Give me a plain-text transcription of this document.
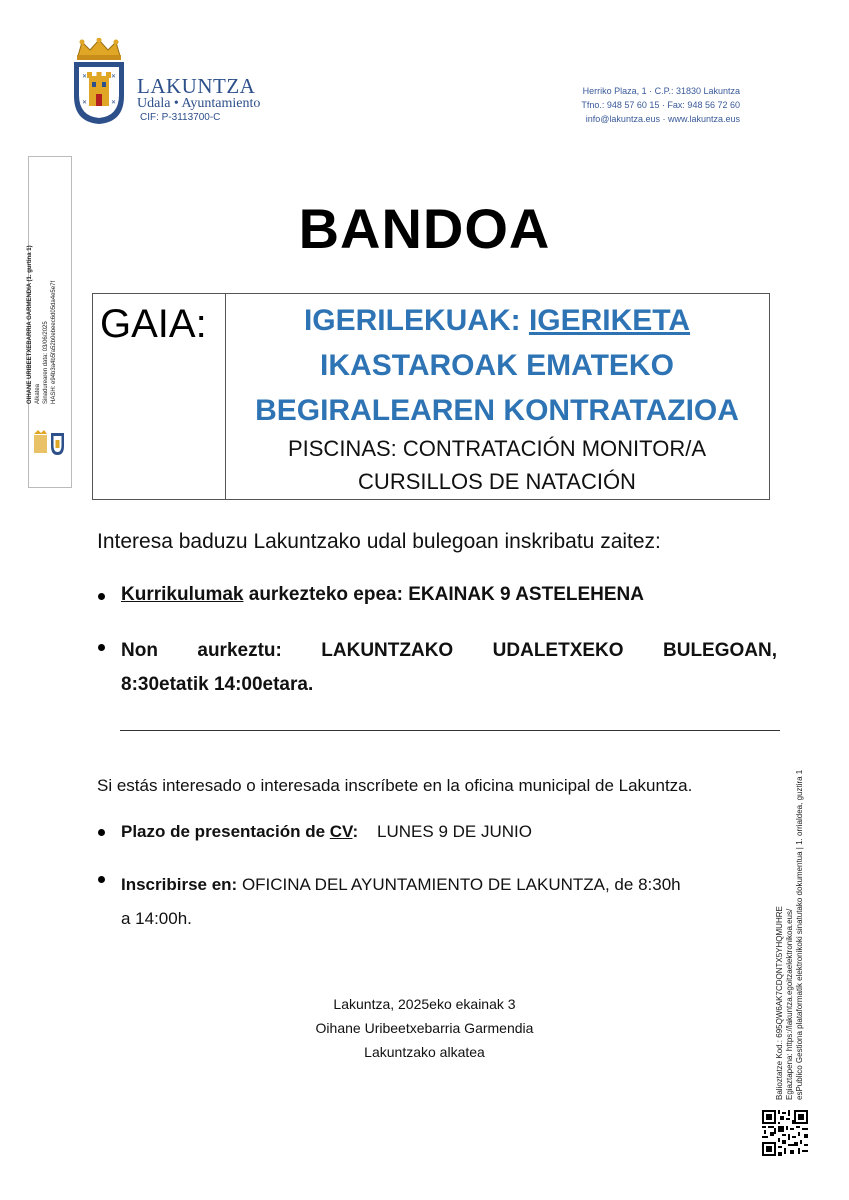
✕	✕
✕	✕
LAKUNTZA
Udala • Ayuntamiento
CIF: P-3113700-C
Herriko Plaza, 1 · C.P.: 31830 Lakuntza
Tfno.: 948 57 60 15 · Fax: 948 56 72 60
info@lakuntza.eus · www.lakuntza.eus
OIHANE URIBEETXEBARRIA GARMENDIA (1. gurtina 1) Alkatea Sinadurearen data: 03/06/2025 HASH: e94b3a4b5fa52b0ebeec6d05da4e5e7f
BANDOA
GAIA:	IGERILEKUAK: IGERIKETA
IKASTAROAK EMATEKO
BEGIRALEAREN KONTRATAZIOA
PISCINAS: CONTRATACIÓN MONITOR/A
CURSILLOS DE NATACIÓN
Interesa baduzu Lakuntzako udal bulegoan inskribatu zaitez:
Kurrikulumak aurkezteko epea: EKAINAK 9 ASTELEHENA
Non aurkeztu: LAKUNTZAKO UDALETXEKO BULEGOAN,
8:30etatik 14:00etara.
Si estás interesado o interesada inscríbete en la oficina municipal de Lakuntza.
Plazo de presentación de CV:    LUNES 9 DE JUNIO
Inscribirse en: OFICINA DEL AYUNTAMIENTO DE LAKUNTZA, de 8:30h
a 14:00h.
Lakuntza, 2025eko ekainak 3
Oihane Uribeetxebarria Garmendia
Lakuntzako alkatea	Balioztatze Kod.: 695QW6AK7CDQNTX5YHQMUHRE Egiaztapena: https://lakuntza.egoitzaelektronikoa.eus/ esPublico Gestiona plataformatik elektronikoki sinatutako dokumentua | 1. orrialdea, guztira 1
